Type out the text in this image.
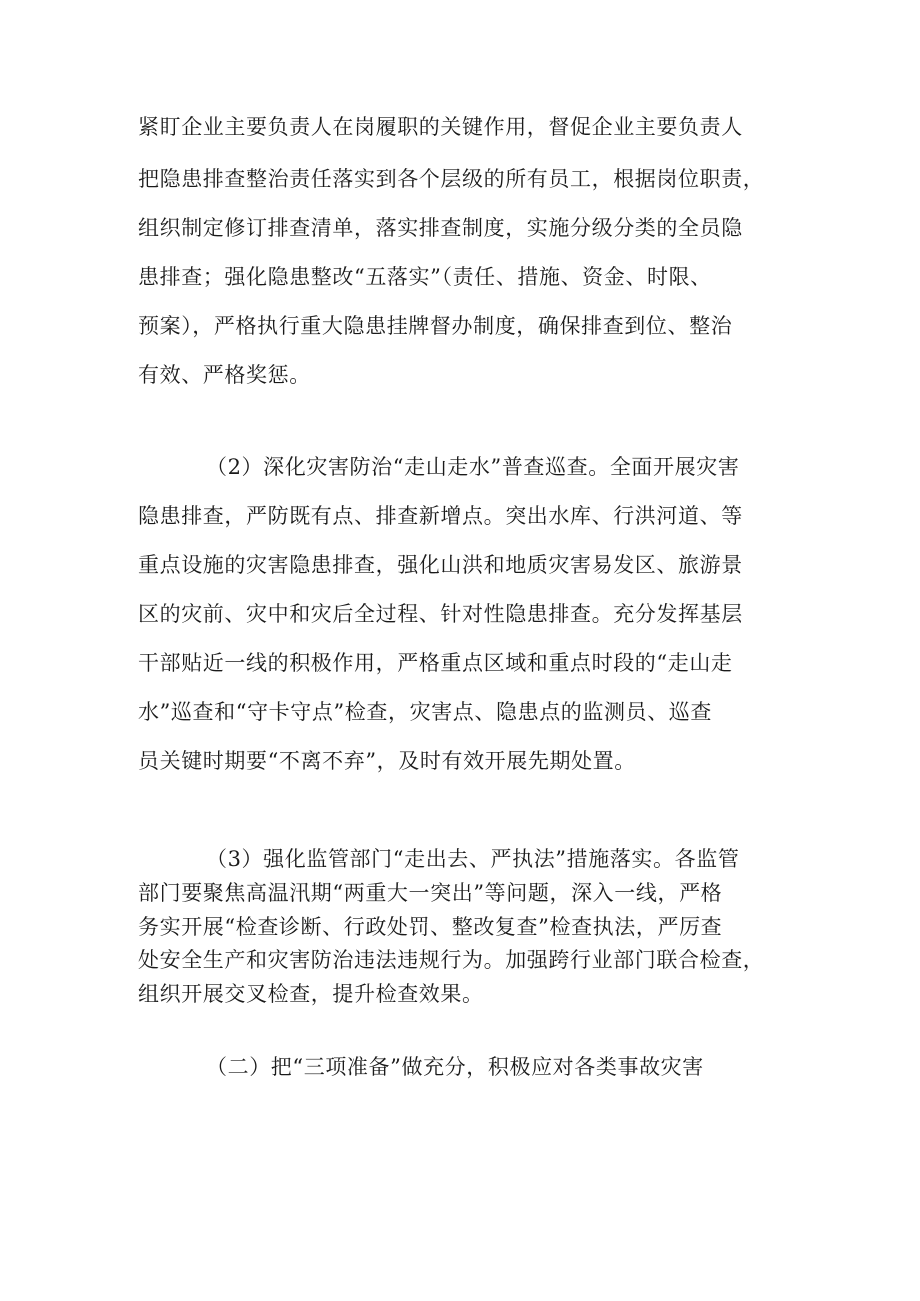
紧盯企业主要负责人在岗履职的关键作用，督促企业主要负责人
把隐患排查整治责任落实到各个层级的所有员工，根据岗位职责，
组织制定修订排查清单，落实排查制度，实施分级分类的全员隐
患排查；强化隐患整改“五落实”（责任、措施、资金、时限、
预案），严格执行重大隐患挂牌督办制度，确保排查到位、整治
有效、严格奖惩。
（2）深化灾害防治“走山走水”普查巡查。全面开展灾害
隐患排查，严防既有点、排查新增点。突出水库、行洪河道、等
重点设施的灾害隐患排查，强化山洪和地质灾害易发区、旅游景
区的灾前、灾中和灾后全过程、针对性隐患排查。充分发挥基层
干部贴近一线的积极作用，严格重点区域和重点时段的“走山走
水”巡查和“守卡守点”检查，灾害点、隐患点的监测员、巡查
员关键时期要“不离不弃”，及时有效开展先期处置。
（3）强化监管部门“走出去、严执法”措施落实。各监管
部门要聚焦高温汛期“两重大一突出”等问题，深入一线，严格
务实开展“检查诊断、行政处罚、整改复查”检查执法，严厉查
处安全生产和灾害防治违法违规行为。加强跨行业部门联合检查，
组织开展交叉检查，提升检查效果。
（二）把“三项准备”做充分，积极应对各类事故灾害
